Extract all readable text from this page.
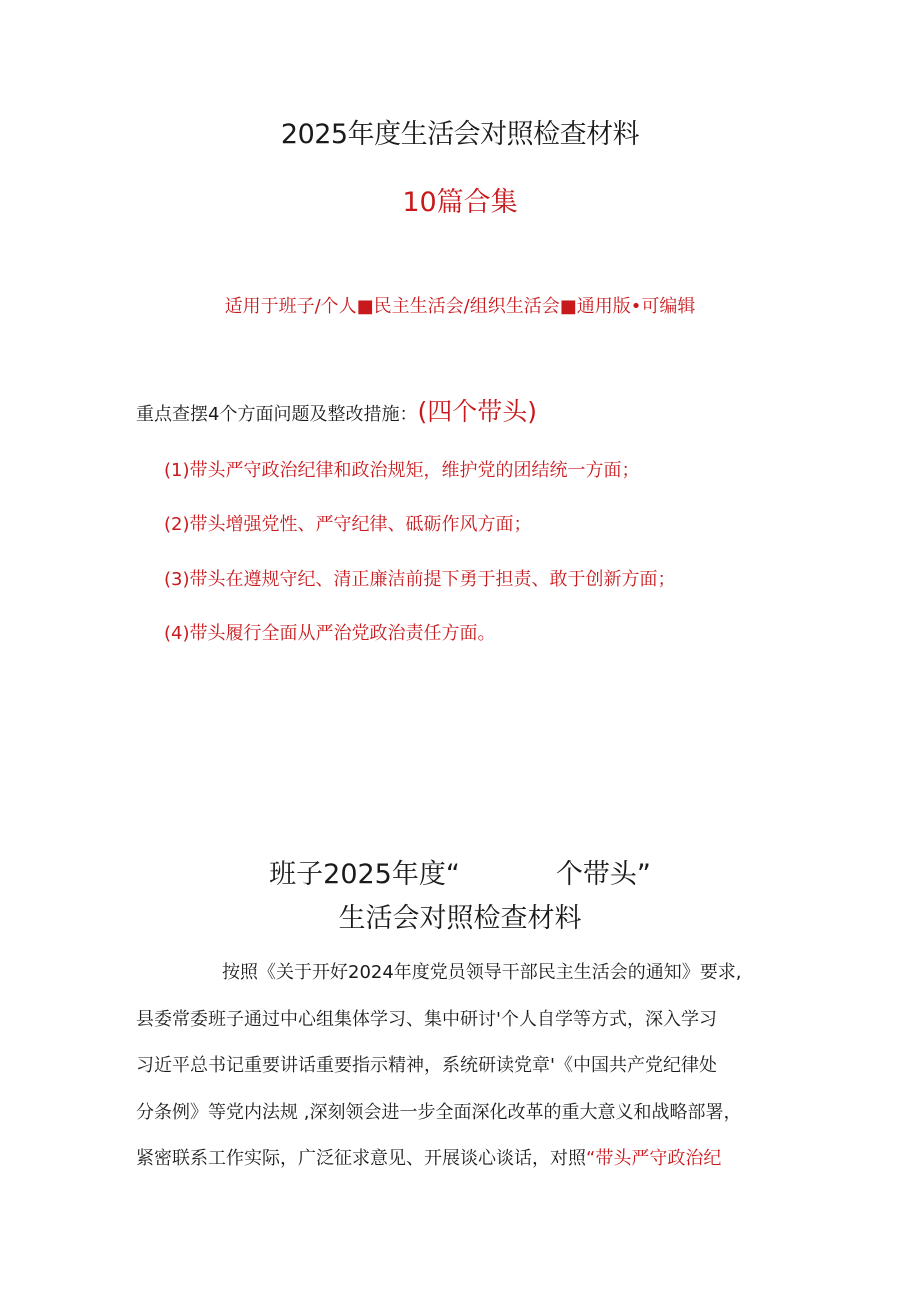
2025年度生活会对照检查材料
10篇合集
适用于班子/个人■民主生活会/组织生活会■通用版•可编辑
重点查摆4个方面问题及整改措施：(四个带头)
(1)带头严守政治纪律和政治规矩，维护党的团结统一方面；
(2)带头增强党性、严守纪律、砥砺作风方面；
(3)带头在遵规守纪、清正廉洁前提下勇于担责、敢于创新方面；
(4)带头履行全面从严治党政治责任方面。
班子2025年度“	个带头”
生活会对照检查材料
按照《关于开好2024年度党员领导干部民主生活会的通知》要求,
县委常委班子通过中心组集体学习、集中研讨'个人自学等方式，深入学习
习近平总书记重要讲话重要指示精神，系统研读党章'《中国共产党纪律处
分条例》等党内法规 ,深刻领会进一步全面深化改革的重大意义和战略部署，
紧密联系工作实际，广泛征求意见、开展谈心谈话，对照“带头严守政治纪
